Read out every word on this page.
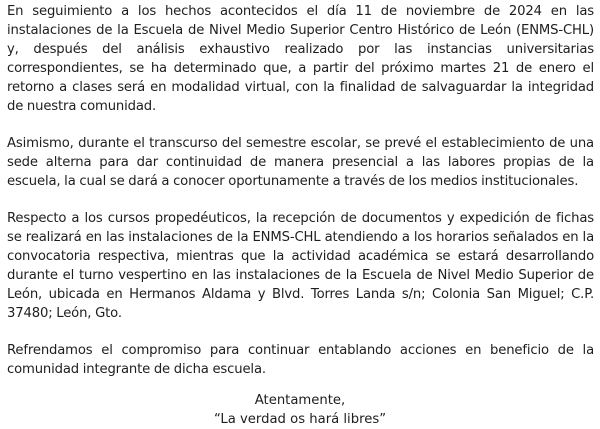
En seguimiento a los hechos acontecidos el día 11 de noviembre de 2024 en las instalaciones de la Escuela de Nivel Medio Superior Centro Histórico de León (ENMS-CHL) y, después del análisis exhaustivo realizado por las instancias universitarias correspondientes, se ha determinado que, a partir del próximo martes 21 de enero el retorno a clases será en modalidad virtual, con la finalidad de salvaguardar la integridad de nuestra comunidad.

Asimismo, durante el transcurso del semestre escolar, se prevé el establecimiento de una sede alterna para dar continuidad de manera presencial a las labores propias de la escuela, la cual se dará a conocer oportunamente a través de los medios institucionales.

Respecto a los cursos propedéuticos, la recepción de documentos y expedición de fichas se realizará en las instalaciones de la ENMS-CHL atendiendo a los horarios señalados en la convocatoria respectiva, mientras que la actividad académica se estará desarrollando durante el turno vespertino en las instalaciones de la Escuela de Nivel Medio Superior de León, ubicada en Hermanos Aldama y Blvd. Torres Landa s/n; Colonia San Miguel; C.P. 37480; León, Gto.

Refrendamos el compromiso para continuar entablando acciones en beneficio de la comunidad integrante de dicha escuela.

Atentamente,
“La verdad os hará libres”
